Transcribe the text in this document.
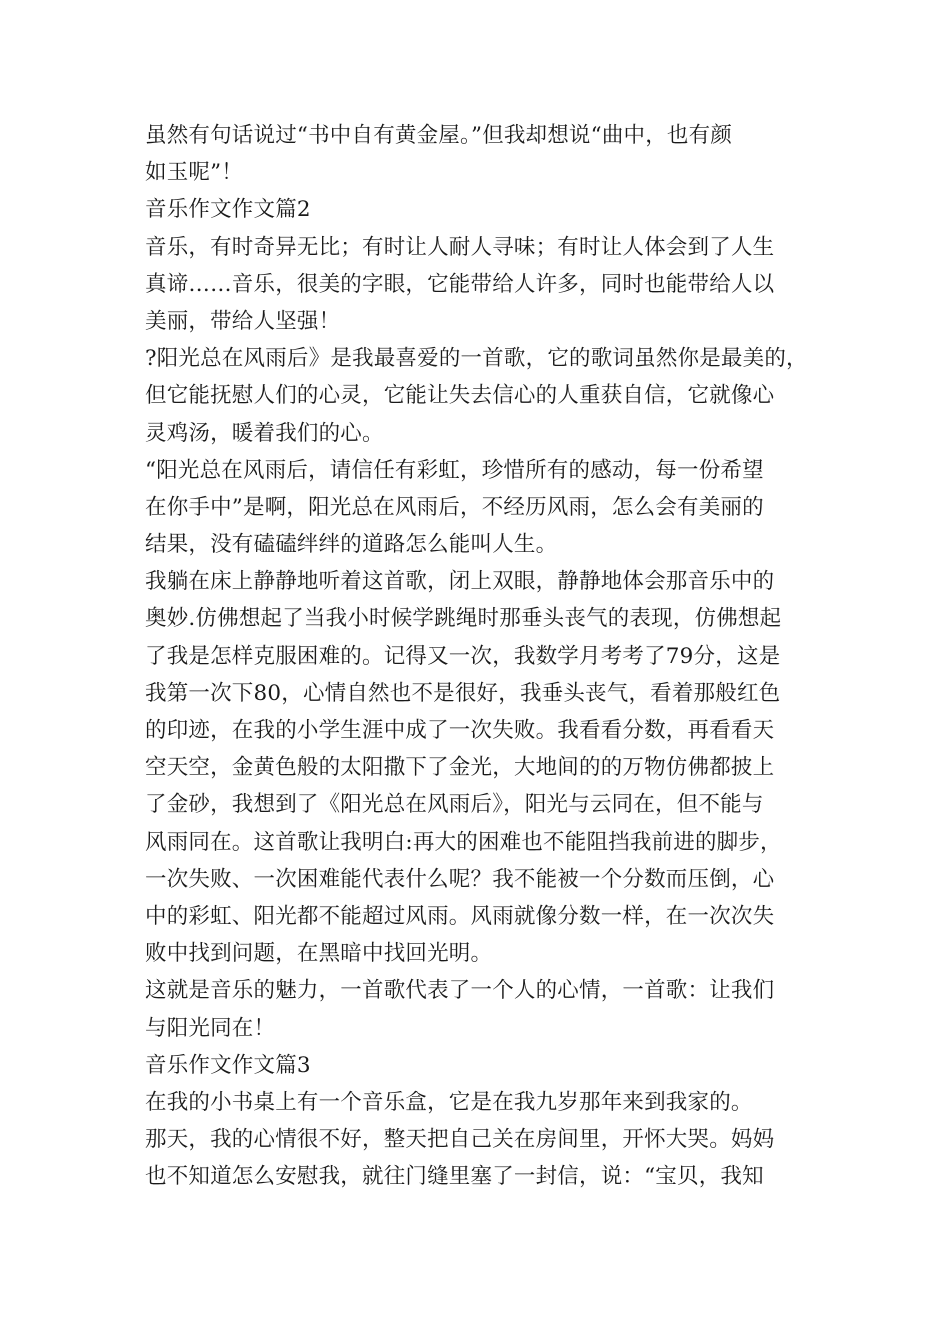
虽然有句话说过“书中自有黄金屋。”但我却想说“曲中，也有颜
如玉呢”！
音乐作文作文篇2
音乐，有时奇异无比；有时让人耐人寻味；有时让人体会到了人生
真谛……音乐，很美的字眼，它能带给人许多，同时也能带给人以
美丽，带给人坚强！
?阳光总在风雨后》是我最喜爱的一首歌，它的歌词虽然你是最美的，
但它能抚慰人们的心灵，它能让失去信心的人重获自信，它就像心
灵鸡汤，暖着我们的心。
“阳光总在风雨后，请信任有彩虹，珍惜所有的感动，每一份希望
在你手中”是啊，阳光总在风雨后，不经历风雨，怎么会有美丽的
结果，没有磕磕绊绊的道路怎么能叫人生。
我躺在床上静静地听着这首歌，闭上双眼，静静地体会那音乐中的
奥妙.仿佛想起了当我小时候学跳绳时那垂头丧气的表现，仿佛想起
了我是怎样克服困难的。记得又一次，我数学月考考了79分，这是
我第一次下80，心情自然也不是很好，我垂头丧气，看着那般红色
的印迹，在我的小学生涯中成了一次失败。我看看分数，再看看天
空天空，金黄色般的太阳撒下了金光，大地间的的万物仿佛都披上
了金砂，我想到了《阳光总在风雨后》，阳光与云同在，但不能与
风雨同在。这首歌让我明白:再大的困难也不能阻挡我前进的脚步，
一次失败、一次困难能代表什么呢？我不能被一个分数而压倒，心
中的彩虹、阳光都不能超过风雨。风雨就像分数一样，在一次次失
败中找到问题，在黑暗中找回光明。
这就是音乐的魅力，一首歌代表了一个人的心情，一首歌：让我们
与阳光同在！
音乐作文作文篇3
在我的小书桌上有一个音乐盒，它是在我九岁那年来到我家的。
那天，我的心情很不好，整天把自己关在房间里，开怀大哭。妈妈
也不知道怎么安慰我，就往门缝里塞了一封信，说：“宝贝，我知
